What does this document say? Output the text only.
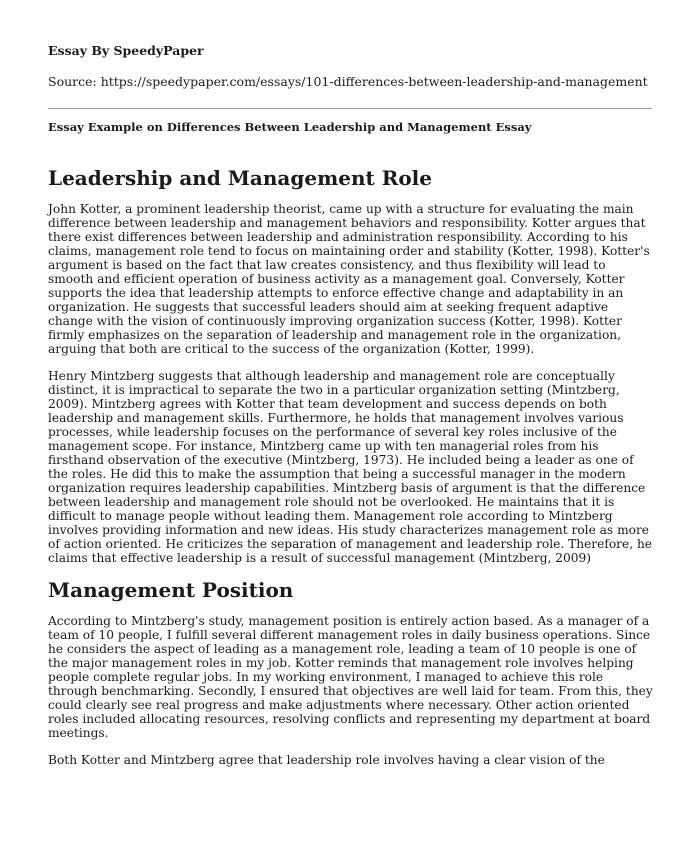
Essay By SpeedyPaper

Source: https://speedypaper.com/essays/101-differences-between-leadership-and-management

Essay Example on Differences Between Leadership and Management Essay

Leadership and Management Role

John Kotter, a prominent leadership theorist, came up with a structure for evaluating the main difference between leadership and management behaviors and responsibility. Kotter argues that there exist differences between leadership and administration responsibility. According to his claims, management role tend to focus on maintaining order and stability (Kotter, 1998). Kotter's argument is based on the fact that law creates consistency, and thus flexibility will lead to smooth and efficient operation of business activity as a management goal. Conversely, Kotter supports the idea that leadership attempts to enforce effective change and adaptability in an organization. He suggests that successful leaders should aim at seeking frequent adaptive change with the vision of continuously improving organization success (Kotter, 1998). Kotter firmly emphasizes on the separation of leadership and management role in the organization, arguing that both are critical to the success of the organization (Kotter, 1999).

Henry Mintzberg suggests that although leadership and management role are conceptually distinct, it is impractical to separate the two in a particular organization setting (Mintzberg, 2009). Mintzberg agrees with Kotter that team development and success depends on both leadership and management skills. Furthermore, he holds that management involves various processes, while leadership focuses on the performance of several key roles inclusive of the management scope. For instance, Mintzberg came up with ten managerial roles from his firsthand observation of the executive (Mintzberg, 1973). He included being a leader as one of the roles. He did this to make the assumption that being a successful manager in the modern organization requires leadership capabilities. Mintzberg basis of argument is that the difference between leadership and management role should not be overlooked. He maintains that it is difficult to manage people without leading them. Management role according to Mintzberg involves providing information and new ideas. His study characterizes management role as more of action oriented. He criticizes the separation of management and leadership role. Therefore, he claims that effective leadership is a result of successful management (Mintzberg, 2009)

Management Position

According to Mintzberg's study, management position is entirely action based. As a manager of a team of 10 people, I fulfill several different management roles in daily business operations. Since he considers the aspect of leading as a management role, leading a team of 10 people is one of the major management roles in my job. Kotter reminds that management role involves helping people complete regular jobs. In my working environment, I managed to achieve this role through benchmarking. Secondly, I ensured that objectives are well laid for team. From this, they could clearly see real progress and make adjustments where necessary. Other action oriented roles included allocating resources, resolving conflicts and representing my department at board meetings.

Both Kotter and Mintzberg agree that leadership role involves having a clear vision of the
